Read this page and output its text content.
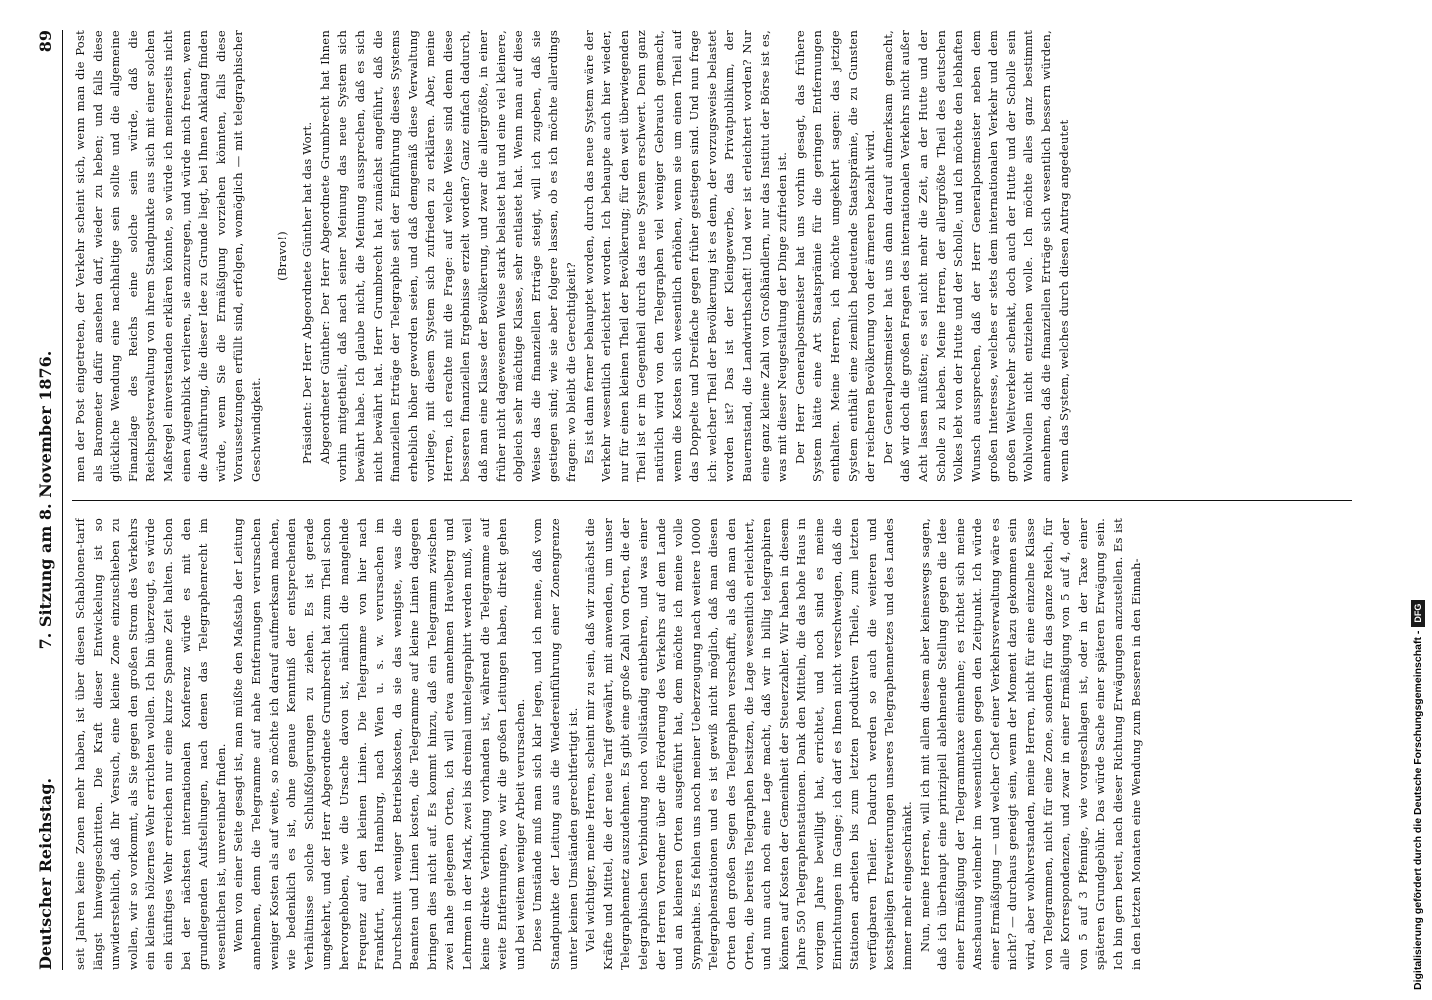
Deutscher Reichstag.
7. Sitzung am 8. November 1876.
89

seit Jahren keine Zonen mehr haben, ist über diesen Schablonen-tarif längst hinweggeschritten. Die Kraft dieser Entwickelung ist so unwiderstehlich, daß Ihr Versuch, eine kleine Zone einzuschieben zu wollen, wir so vorkommt, als Sie gegen den großen Strom des Verkehrs ein kleines hölzernes Wehr errichten wollen. Ich bin überzeugt, es würde ein künftiges Wehr erreichen nur eine kurze Spanne Zeit halten. Schon bei der nächsten internationalen Konferenz würde es mit den grundlegenden Aufstellungen, nach denen das Telegraphenrecht im wesentlichen ist, unvereinbar finden. Wenn von einer Seite gesagt ist, man müßte den Maßstab der Leitung annehmen, denn die Telegramme auf nahe Entfernungen verursachen weniger Kosten als auf weite, so möchte ich darauf aufmerksam machen, wie bedenklich es ist, ohne genaue Kenntniß der entsprechenden Verhältnisse solche Schlußfolgerungen zu ziehen. Es ist gerade umgekehrt, und der Herr Abgeordnete Grumbrecht hat zum Theil schon hervorgehoben, wie die Ursache davon ist, nämlich die mangelnde Frequenz auf den kleinen Linien. Die Telegramme von hier nach Frankfurt, nach Hamburg, nach Wien u. s. w. verursachen im Durchschnitt weniger Betriebskosten, da sie das wenigste, was die Beamten und Linien kosten, die Telegramme auf kleine Linien dagegen bringen dies nicht auf. Es kommt hinzu, daß ein Telegramm zwischen zwei nahe gelegenen Orten, ich will etwa annehmen Havelberg und Lehrmen in der Mark, zwei bis dreimal umtelegraphirt werden muß, weil keine direkte Verbindung vorhanden ist, während die Telegramme auf weite Entfernungen, wo wir die großen Leitungen haben, direkt gehen und bei weitem weniger Arbeit verursachen. Diese Umstände muß man sich klar legen, und ich meine, daß vom Standpunkte der Leitung aus die Wiedereinführung einer Zonengrenze unter keinen Umständen gerechtfertigt ist. Viel wichtiger, meine Herren, scheint mir zu sein, daß wir zunächst die Kräfte und Mittel, die der neue Tarif gewährt, mit anwenden, um unser Telegraphennetz auszudehnen. Es gibt eine große Zahl von Orten, die der telegraphischen Verbindung noch vollständig entbehren, und was einer der Herren Vorredner über die Förderung des Verkehrs auf dem Lande und an kleineren Orten ausgeführt hat, dem möchte ich meine volle Sympathie. Es fehlen uns noch meiner Ueberzeugung nach weitere 10000 Telegraphenstationen und es ist gewiß nicht möglich, daß man diesen Orten den großen Segen des Telegraphen verschafft, als daß man den Orten, die bereits Telegraphen besitzen, die Lage wesentlich erleichtert, und nun auch noch eine Lage macht, daß wir in billig telegraphiren können auf Kosten der Gemeinheit der Steuerzahler. Wir haben in diesem Jahre 550 Telegraphenstationen. Dank den Mitteln, die das hohe Haus in vorigem Jahre bewilligt hat, errichtet, und noch sind es meine Einrichtungen im Gange; ich darf es Ihnen nicht verschweigen, daß die Stationen arbeiten bis zum letzten produktiven Theile, zum letzten verfügbaren Theiler. Dadurch werden so auch die weiteren und kostspieligen Erweiterungen unseres Telegraphennetzes und des Landes immer mehr eingeschränkt. Nun, meine Herren, will ich mit allem diesem aber keineswegs sagen, daß ich überhaupt eine prinzipiell ablehnende Stellung gegen die Idee einer Ermäßigung der Telegrammtaxe einnehme; es richtet sich meine Anschauung vielmehr im wesentlichen gegen den Zeitpunkt. Ich würde einer Ermäßigung — und welcher Chef einer Verkehrsverwaltung wäre es nicht? — durchaus geneigt sein, wenn der Moment dazu gekommen sein wird, aber wohlverstanden, meine Herren, nicht für eine einzelne Klasse von Telegrammen, nicht für eine Zone, sondern für das ganze Reich, für alle Korrespondenzen, und zwar in einer Ermäßigung von 5 auf 4, oder von 5 auf 3 Pfennige, wie vorgeschlagen ist, oder in der Taxe einer späteren Grundgebühr. Das würde Sache einer späteren Erwägung sein. Ich bin gern bereit, nach dieser Richtung Erwägungen anzustellen. Es ist in den letzten Monaten eine Wendung zum Besseren in den Einnah-

men der Post eingetreten, der Verkehr scheint sich, wenn man die Post als Barometer dafür ansehen darf, wieder zu heben; und falls diese glückliche Wendung eine nachhaltige sein sollte und die allgemeine Finanzlage des Reichs eine solche sein würde, daß die Reichspostverwaltung von ihrem Standpunkte aus sich mit einer solchen Maßregel einverstanden erklären könnte, so würde ich meinerseits nicht einen Augenblick verlieren, sie anzuregen, und würde mich freuen, wenn die Ausführung, die dieser Idee zu Grunde liegt, bei Ihnen Anklang finden würde, wenn Sie die Ermäßigung vorziehen könnten, falls diese Voraussetzungen erfüllt sind, erfolgen, womöglich — mit telegraphischer Geschwindigkeit.

(Bravo!) Präsident: Der Herr Abgeordnete Günther hat das Wort. Abgeordneter Günther: Der Herr Abgeordnete Grumbrecht hat Ihnen vorhin mitgetheilt, daß nach seiner Meinung das neue System sich bewährt habe. Ich glaube nicht, die Meinung aussprechen, daß es sich nicht bewährt hat. Herr Grumbrecht hat zunächst angeführt, daß die finanziellen Erträge der Telegraphie seit der Einführung dieses Systems erheblich höher geworden seien, und daß demgemäß diese Verwaltung vorliege, mit diesem System sich zufrieden zu erklären. Aber, meine Herren, ich erachte mit die Frage: auf welche Weise sind denn diese besseren finanziellen Ergebnisse erzielt worden? Ganz einfach dadurch, daß man eine Klasse der Bevölkerung, und zwar die allergrößte, in einer früher nicht dagewesenen Weise stark belastet hat und eine viel kleinere, obgleich sehr mächtige Klasse, sehr entlastet hat. Wenn man auf diese Weise das die finanziellen Erträge steigt, will ich zugeben, daß sie gestiegen sind; wie sie aber folgere lassen, ob es ich möchte allerdings fragen: wo bleibt die Gerechtigkeit? Es ist dann ferner behauptet worden, durch das neue System wäre der Verkehr wesentlich erleichtert worden. Ich behaupte auch hier wieder, nur für einen kleinen Theil der Bevölkerung; für den weit überwiegenden Theil ist er im Gegentheil durch das neue System erschwert. Denn ganz natürlich wird von den Telegraphen viel weniger Gebrauch gemacht, wenn die Kosten sich wesentlich erhöhen, wenn sie um einen Theil auf das Doppelte und Dreifache gegen früher gestiegen sind. Und nun frage ich: welcher Theil der Bevölkerung ist es denn, der vorzugsweise belastet worden ist? Das ist der Kleingewerbe, das Privatpublikum, der Bauernstand, die Landwirthschaft! Und wer ist erleichtert worden? Nur eine ganz kleine Zahl von Großhändlern, nur das Institut der Börse ist es, was mit dieser Neugestaltung der Dinge zufrieden ist. Der Herr Generalpostmeister hat uns vorhin gesagt, das frühere System hätte eine Art Staatsprämie für die geringen Entfernungen enthalten. Meine Herren, ich möchte umgekehrt sagen: das jetzige System enthält eine ziemlich bedeutende Staatsprämie, die zu Gunsten der reicheren Bevölkerung von der ärmeren bezahlt wird. Der Generalpostmeister hat uns dann darauf aufmerksam gemacht, daß wir doch die großen Fragen des internationalen Verkehrs nicht außer Acht lassen müßten; es sei nicht mehr die Zeit, an der Hutte und der Scholle zu kleben. Meine Herren, der allergrößte Theil des deutschen Volkes lebt von der Hutte und der Scholle, und ich möchte den lebhaften Wunsch aussprechen, daß der Herr Generalpostmeister neben dem großen Interesse, welches er stets dem internationalen Verkehr und dem großen Weltverkehr schenkt, doch auch der Hutte und der Scholle sein Wohlwollen nicht entziehen wolle. Ich möchte alles ganz bestimmt annehmen, daß die finanziellen Erträge sich wesentlich bessern würden, wenn das System, welches durch diesen Antrag angedeutet

Digitalisierung gefördert durch die Deutsche Forschungsgemeinschaft -DFG
